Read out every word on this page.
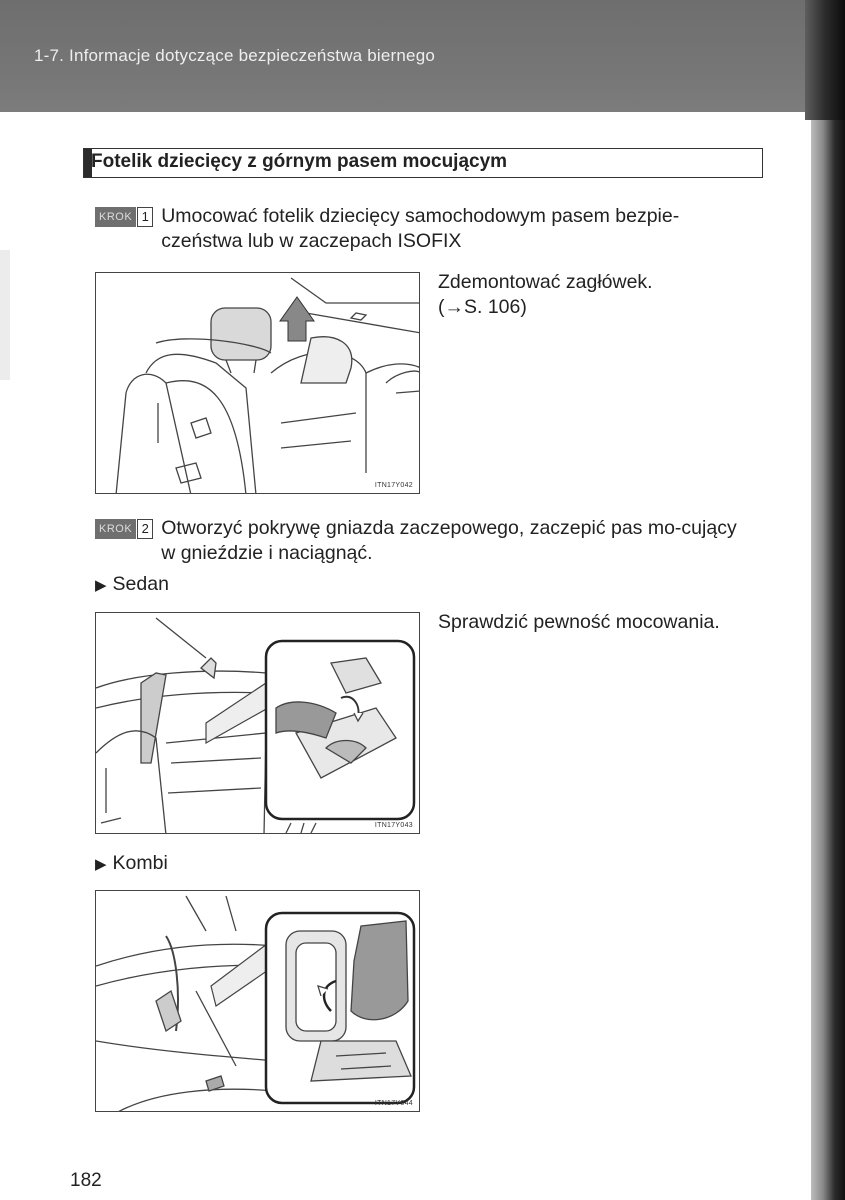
1-7. Informacje dotyczące bezpieczeństwa biernego
Fotelik dziecięcy z górnym pasem mocującym
KROK 1 Umocować fotelik dziecięcy samochodowym pasem bezpie-czeństwa lub w zaczepach ISOFIX
ITN17Y042
Zdemontować zagłówek.
(→S. 106)
KROK 2 Otworzyć pokrywę gniazda zaczepowego, zaczepić pas mo-cujący w gnieździe i naciągnąć.
▶ Sedan
ITN17Y043
Sprawdzić pewność mocowania.
▶ Kombi
ITN17Y044
182
